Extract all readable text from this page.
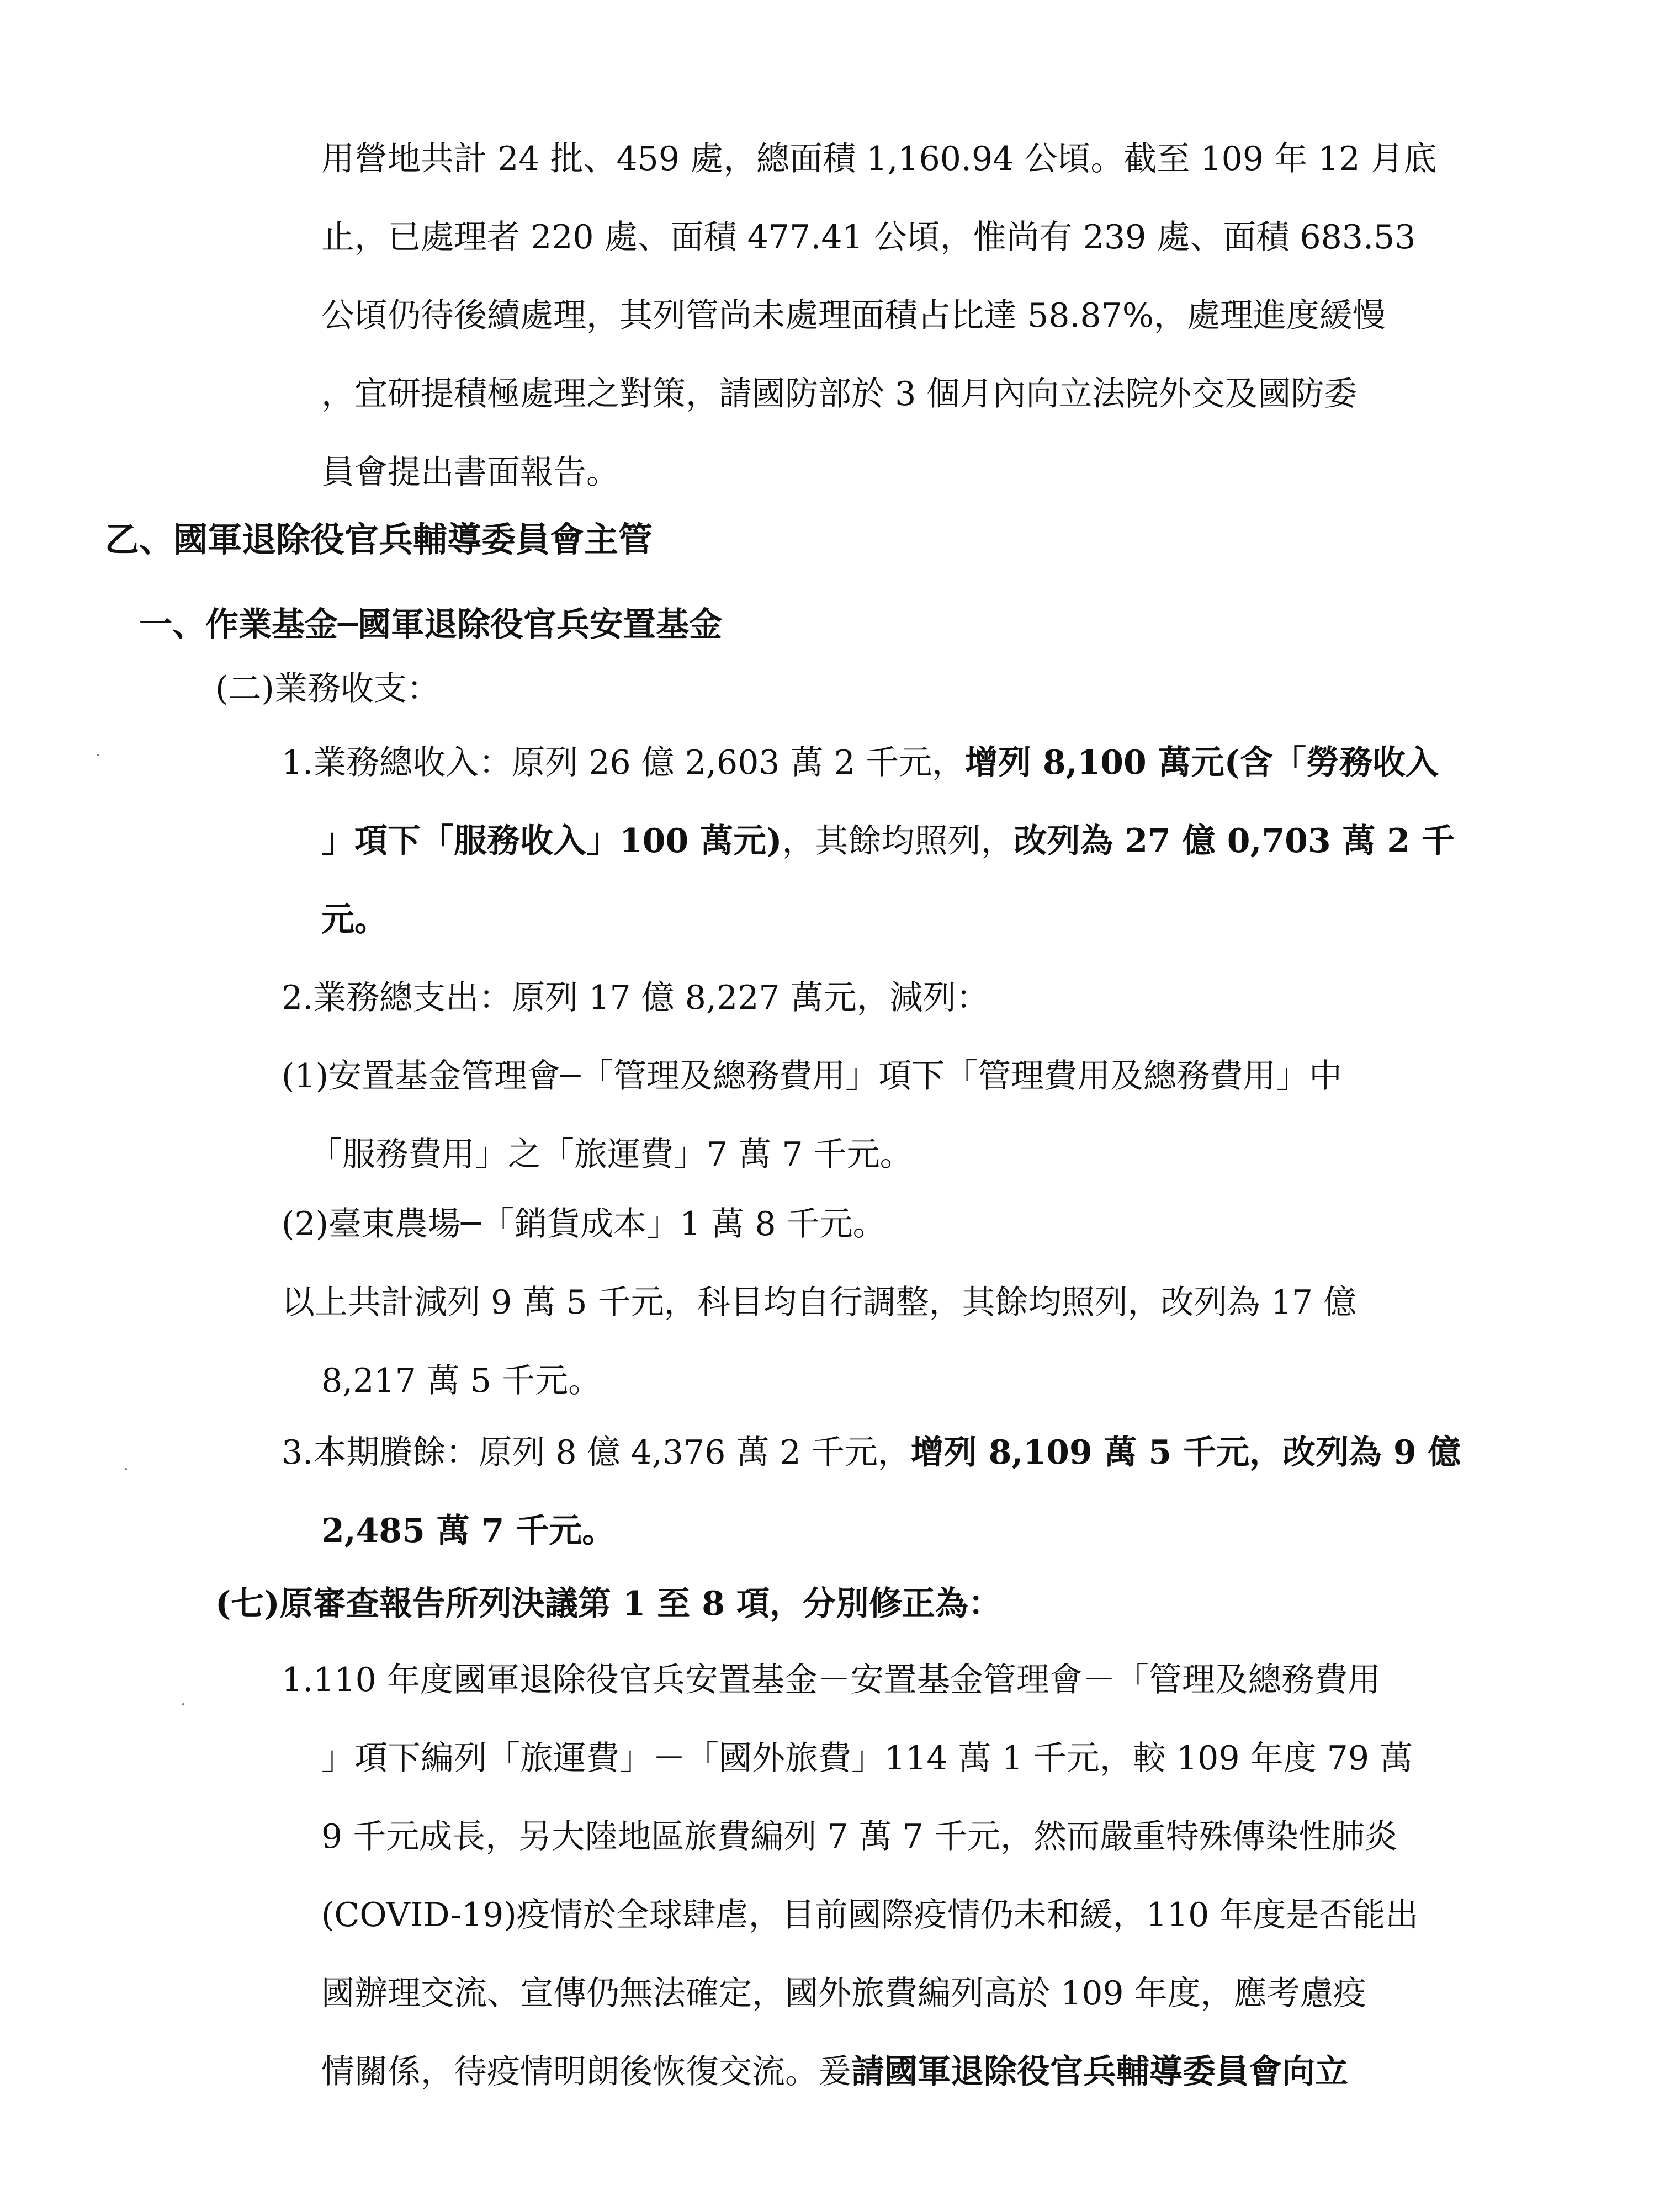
用營地共計 24 批、459 處，總面積 1,160.94 公頃。截至 109 年 12 月底
止，已處理者 220 處、面積 477.41 公頃，惟尚有 239 處、面積 683.53
公頃仍待後續處理，其列管尚未處理面積占比達 58.87%，處理進度緩慢
，宜研提積極處理之對策，請國防部於 3 個月內向立法院外交及國防委
員會提出書面報告。
乙、國軍退除役官兵輔導委員會主管
一、作業基金─國軍退除役官兵安置基金
(二)業務收支：
1.業務總收入：原列 26 億 2,603 萬 2 千元，增列 8,100 萬元(含「勞務收入
」項下「服務收入」100 萬元)，其餘均照列，改列為 27 億 0,703 萬 2 千
元。
2.業務總支出：原列 17 億 8,227 萬元，減列：
(1)安置基金管理會─「管理及總務費用」項下「管理費用及總務費用」中
「服務費用」之「旅運費」7 萬 7 千元。
(2)臺東農場─「銷貨成本」1 萬 8 千元。
以上共計減列 9 萬 5 千元，科目均自行調整，其餘均照列，改列為 17 億
8,217 萬 5 千元。
3.本期賸餘：原列 8 億 4,376 萬 2 千元，增列 8,109 萬 5 千元，改列為 9 億
2,485 萬 7 千元。
(七)原審查報告所列決議第 1 至 8 項，分別修正為：
1.110 年度國軍退除役官兵安置基金－安置基金管理會－「管理及總務費用
」項下編列「旅運費」－「國外旅費」114 萬 1 千元，較 109 年度 79 萬
9 千元成長，另大陸地區旅費編列 7 萬 7 千元，然而嚴重特殊傳染性肺炎
(COVID-19)疫情於全球肆虐，目前國際疫情仍未和緩，110 年度是否能出
國辦理交流、宣傳仍無法確定，國外旅費編列高於 109 年度，應考慮疫
情關係，待疫情明朗後恢復交流。爰請國軍退除役官兵輔導委員會向立
